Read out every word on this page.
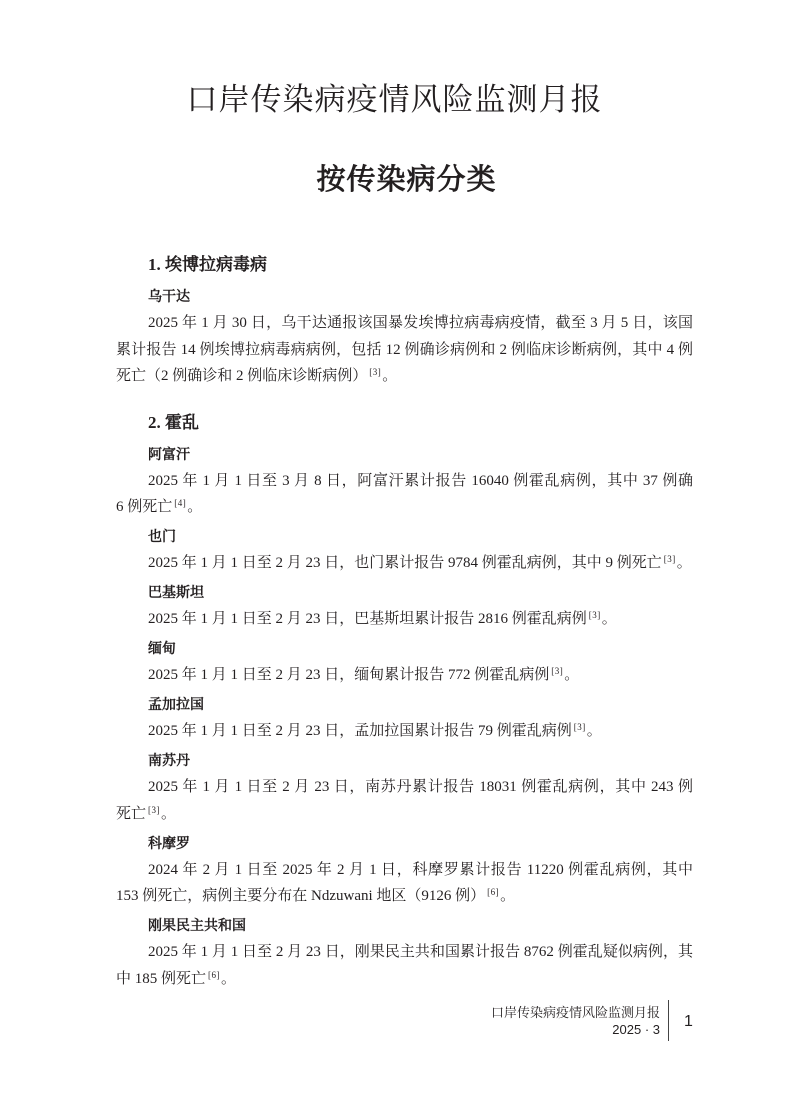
口岸传染病疫情风险监测月报
按传染病分类
1. 埃博拉病毒病
乌干达
2025 年 1 月 30 日，乌干达通报该国暴发埃博拉病毒病疫情，截至 3 月 5 日，该国
累计报告 14 例埃博拉病毒病病例，包括 12 例确诊病例和 2 例临床诊断病例，其中 4 例
死亡（2 例确诊和 2 例临床诊断病例） [3]。
2. 霍乱
阿富汗
2025 年 1 月 1 日至 3 月 8 日，阿富汗累计报告 16040 例霍乱病例，其中 37 例确
6 例死亡 [4]。
也门
2025 年 1 月 1 日至 2 月 23 日，也门累计报告 9784 例霍乱病例，其中 9 例死亡 [3]。
巴基斯坦
2025 年 1 月 1 日至 2 月 23 日，巴基斯坦累计报告 2816 例霍乱病例 [3]。
缅甸
2025 年 1 月 1 日至 2 月 23 日，缅甸累计报告 772 例霍乱病例 [3]。
孟加拉国
2025 年 1 月 1 日至 2 月 23 日，孟加拉国累计报告 79 例霍乱病例 [3]。
南苏丹
2025 年 1 月 1 日至 2 月 23 日，南苏丹累计报告 18031 例霍乱病例，其中 243 例
死亡 [3]。
科摩罗
2024 年 2 月 1 日至 2025 年 2 月 1 日，科摩罗累计报告 11220 例霍乱病例，其中
153 例死亡，病例主要分布在 Ndzuwani 地区（9126 例） [6]。
刚果民主共和国
2025 年 1 月 1 日至 2 月 23 日，刚果民主共和国累计报告 8762 例霍乱疑似病例，其
中 185 例死亡 [6]。
口岸传染病疫情风险监测月报
2025 · 3 1
